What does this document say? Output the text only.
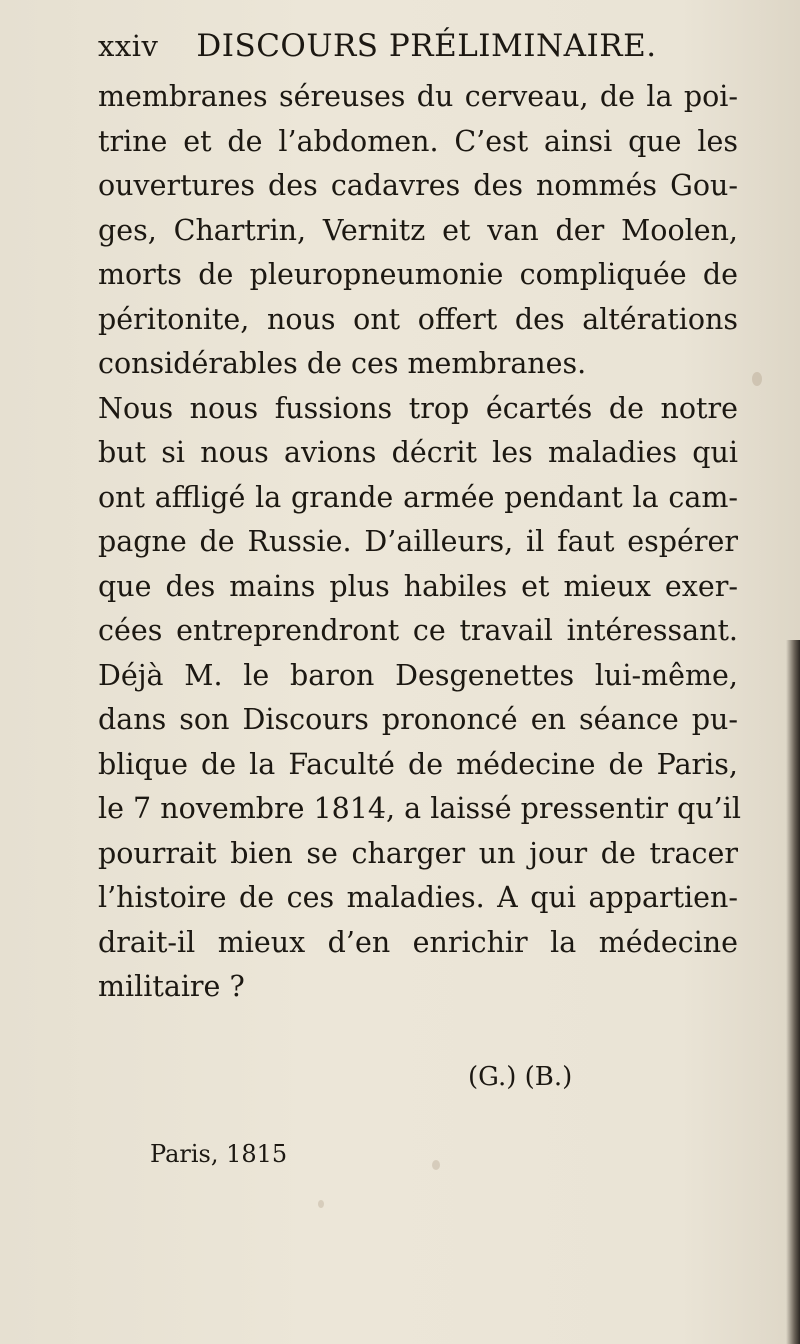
xxiv DISCOURS PRÉLIMINAIRE.
membranes séreuses du cerveau, de la poi-
trine et de l’abdomen. C’est ainsi que les
ouvertures des cadavres des nommés Gou-
ges, Chartrin, Vernitz et van der Moolen,
morts de pleuropneumonie compliquée de
péritonite, nous ont offert des altérations
considérables de ces membranes.
Nous nous fussions trop écartés de notre
but si nous avions décrit les maladies qui
ont affligé la grande armée pendant la cam-
pagne de Russie. D’ailleurs, il faut espérer
que des mains plus habiles et mieux exer-
cées entreprendront ce travail intéressant.
Déjà M. le baron Desgenettes lui-même,
dans son Discours prononcé en séance pu-
blique de la Faculté de médecine de Paris,
le 7 novembre 1814, a laissé pressentir qu’il
pourrait bien se charger un jour de tracer
l’histoire de ces maladies. A qui appartien-
drait-il mieux d’en enrichir la médecine
militaire ?
(G.) (B.)
Paris, 1815
